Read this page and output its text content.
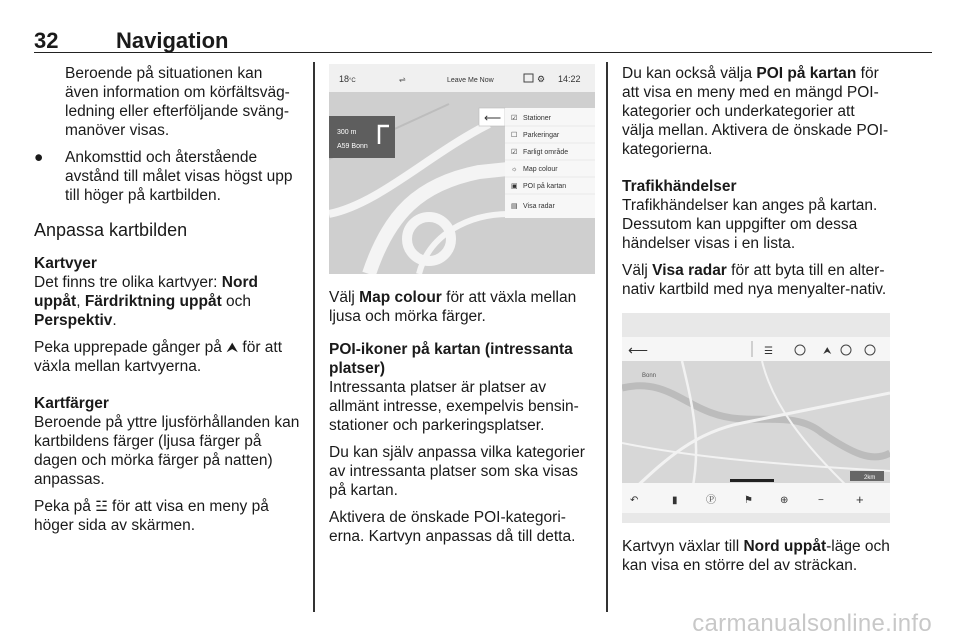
32	Navigation

Beroende på situationen kan även information om körfältsväg-ledning eller efterföljande sväng-manöver visas.

●	Ankomsttid och återstående avstånd till målet visas högst upp till höger på kartbilden.
Anpassa kartbilden
Kartvyer

Det finns tre olika kartvyer: Nord uppåt, Färdriktning uppåt och Perspektiv.

Peka upprepade gånger på ⮝ för att växla mellan kartvyerna.

Kartfärger

Beroende på yttre ljusförhållanden kan kartbildens färger (ljusa färger på dagen och mörka färger på natten) anpassas.

Peka på ☳ för att visa en meny på höger sida av skärmen.

18°C	⇌	Leave Me Now	⚙ 14:22
300 m
A59 Bonn
⟵ ☑ Stationer
☐ Parkeringar
☑ Farligt område
☼ Map colour
▣ POI på kartan
▤ Visa radar

Välj Map colour för att växla mellan ljusa och mörka färger.

POI-ikoner på kartan (intressanta platser)

Intressanta platser är platser av allmänt intresse, exempelvis bensin-stationer och parkeringsplatser.

Du kan själv anpassa vilka kategorier av intressanta platser som ska visas på kartan.

Aktivera de önskade POI-kategori-erna. Kartvyn anpassas då till detta.

Du kan också välja POI på kartan för att visa en meny med en mängd POI-kategorier och underkategorier att välja mellan. Aktivera de önskade POI-kategorierna.

Trafikhändelser

Trafikhändelser kan anges på kartan. Dessutom kan uppgifter om dessa händelser visas i en lista.

Välj Visa radar för att byta till en alter-nativ kartbild med nya menyalter-nativ.

⟵	☰	⮝
Bonn
2km
↶	▮	Ⓟ	⚑	⊕	− +

Kartvyn växlar till Nord uppåt-läge och kan visa en större del av sträckan.

carmanualsonline.info
